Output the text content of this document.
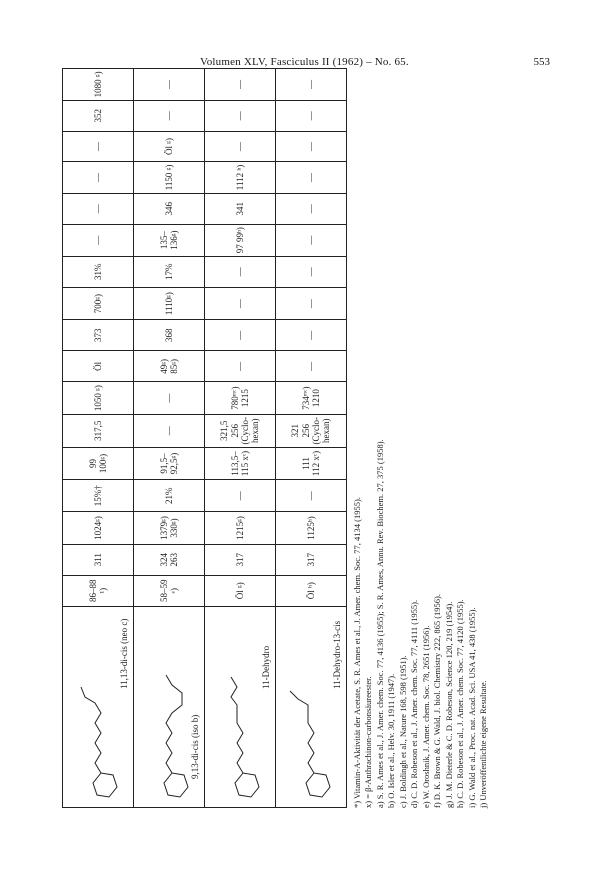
Volumen XLV, Fasciculus II (1962) – No. 65.	553
11,13-di-cis (neo c)	86–88 ¹)	311	1024ᵍ)	15%†	99 100ᵍ)	317,5	1050 ᵍ)	Öl	373	700ᵍ)	31%	—	—	—	—	352	1080 ᵍ)

9,13-di-cis (iso b)	58–59 ᵉ)	324 263	1379ᵍ) 330ᵍ)	21%	91,5–92,5ᵍ)	—	—	49ᵍ) 85ᵍ)	368	1110ᵍ)	17%	135–136ᵍ)	346	1150 ᵍ)	Öl ᵍ)	—	—

11-Dehydro	Öl ᵍ)	317	1215ᵍ)	—	113,5–115 xᶜ)	321,5 256 (Cyclo-hexan)	780ᵐᶜ) 1215	—	—	—	—	97 99ʰ)	341	1112 ʰ)	—	—	—

11-Dehydro-13-cis	Öl ʰ)	317	1125ʰ)	—	111 112 xᶜ)	321 256 (Cyclo-hexan)	734ᵐᶜ) 1210	—	—	—	—	—	—	—	—	—	—
*) Vitamin-A-Aktivität der Acetate, S. R. Ames et al., J. Amer. chem. Soc. 77, 4134 (1955). x) = β-Anthrachinon-carbonsäureester. a) S. R. Ames et al., J. Amer. chem. Soc. 77, 4136 (1955); S. R. Ames, Annu. Rev. Biochem. 27, 375 (1958). b) O. Isler et al., Helv. 30, 1911 (1947). c) J. Boldingh et al., Nature 168, 598 (1951). d) C. D. Robeson et al., J. Amer. chem. Soc. 77, 4111 (1955). e) W. Oroshnik, J. Amer. chem. Soc. 78, 2651 (1956). f) D. K. Brown & G. Wald, J. biol. Chemistry 222, 865 (1956). g) J. M. Dieterle & C. D. Robeson, Science 120, 219 (1954). h) C. D. Robeson et al., J. Amer. chem. Soc. 77, 4120 (1955). i) G. Wald et al., Proc. nat. Acad. Sci. USA 41, 438 (1955). j) Unveröffentlichte eigene Resultate.
